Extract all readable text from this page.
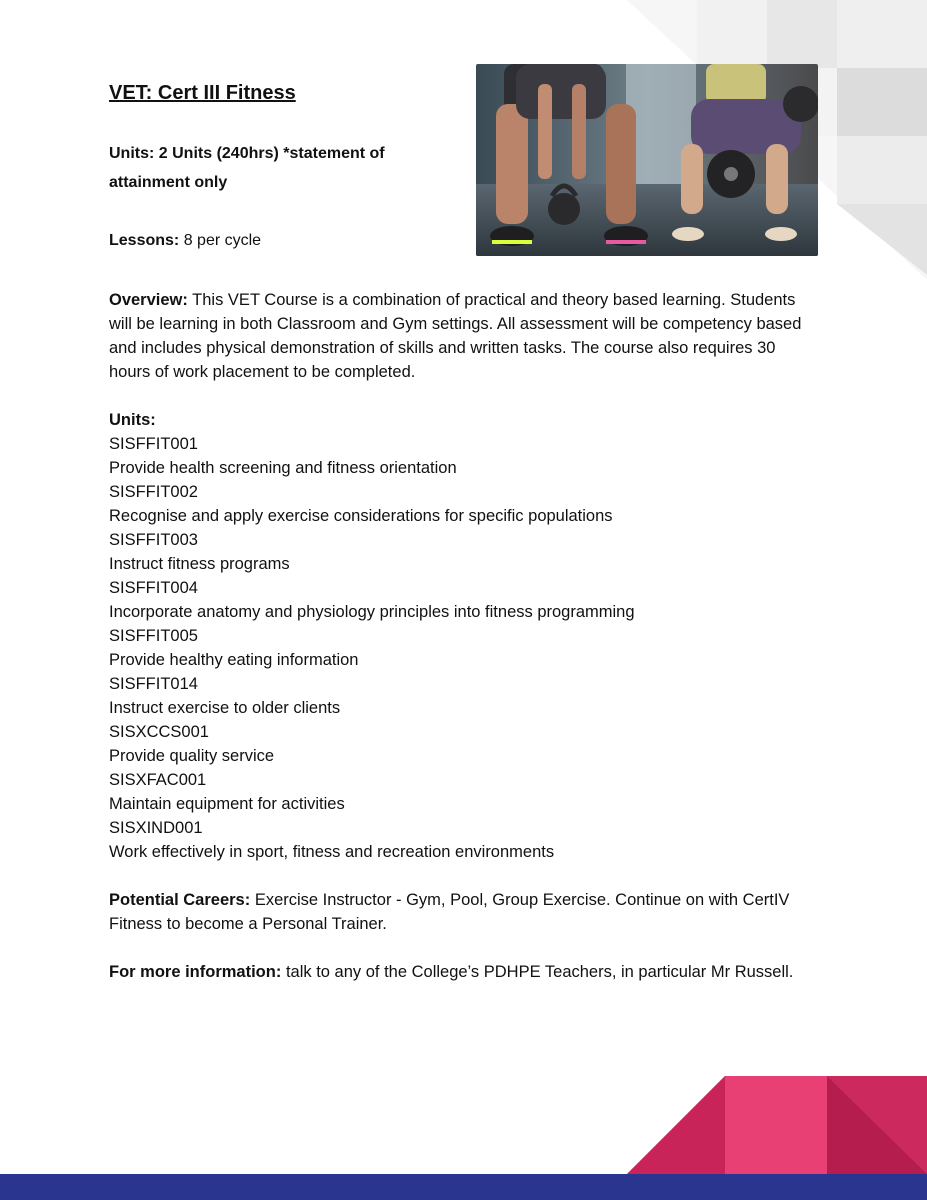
VET: Cert III Fitness

Units: 2 Units (240hrs) *statement of attainment only

Lessons: 8 per cycle

Overview: This VET Course is a combination of practical and theory based learning. Students will be learning in both Classroom and Gym settings. All assessment will be competency based and includes physical demonstration of skills and written tasks. The course also requires 30 hours of work placement to be completed.

Units:

SISFFIT001
Provide health screening and fitness orientation
SISFFIT002
Recognise and apply exercise considerations for specific populations
SISFFIT003
Instruct fitness programs
SISFFIT004
Incorporate anatomy and physiology principles into fitness programming
SISFFIT005
Provide healthy eating information
SISFFIT014
Instruct exercise to older clients
SISXCCS001
Provide quality service
SISXFAC001
Maintain equipment for activities
SISXIND001
Work effectively in sport, fitness and recreation environments

Potential Careers: Exercise Instructor - Gym, Pool, Group Exercise. Continue on with CertIV Fitness to become a Personal Trainer.

For more information: talk to any of the College’s PDHPE Teachers, in particular Mr Russell.
